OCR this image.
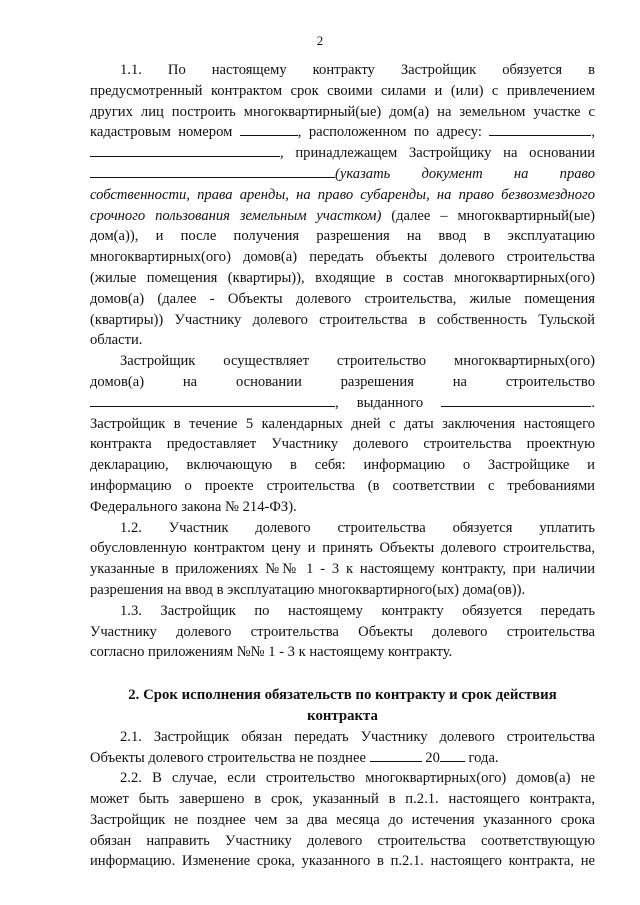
2

1.1. По настоящему контракту Застройщик обязуется в

предусмотренный контрактом срок своими силами и (или) с привлечением

других лиц построить многоквартирный(ые) дом(а) на земельном участке с

кадастровым номером	, расположенном по адресу:	,

, принадлежащем Застройщику на основании

(указать документ на право

собственности, права аренды, на право субаренды, на право безвозмездного

срочного пользования земельным участком) (далее – многоквартирный(ые)

дом(а)), и после получения разрешения на ввод в эксплуатацию

многоквартирных(ого) домов(а) передать объекты долевого строительства

(жилые помещения (квартиры)), входящие в состав многоквартирных(ого)

домов(а) (далее - Объекты долевого строительства, жилые помещения

(квартиры)) Участнику долевого строительства в собственность Тульской

области.

Застройщик осуществляет строительство многоквартирных(ого)

домов(а) на основании разрешения на строительство

, выданного	.

Застройщик в течение 5 календарных дней с даты заключения настоящего

контракта предоставляет Участнику долевого строительства проектную

декларацию, включающую в себя: информацию о Застройщике и

информацию о проекте строительства (в соответствии с требованиями

Федерального закона № 214-ФЗ).

1.2. Участник долевого строительства обязуется уплатить

обусловленную контрактом цену и принять Объекты долевого строительства,

указанные в приложениях №№ 1 - 3 к настоящему контракту, при наличии

разрешения на ввод в эксплуатацию многоквартирного(ых) дома(ов)).

1.3. Застройщик по настоящему контракту обязуется передать

Участнику долевого строительства Объекты долевого строительства

согласно приложениям №№ 1 - 3 к настоящему контракту.

2. Срок исполнения обязательств по контракту и срок действия
контракта

2.1. Застройщик обязан передать Участнику долевого строительства

Объекты долевого строительства не позднее	20 года.

2.2. В случае, если строительство многоквартирных(ого) домов(а) не

может быть завершено в срок, указанный в п.2.1. настоящего контракта,

Застройщик не позднее чем за два месяца до истечения указанного срока

обязан направить Участнику долевого строительства соответствующую

информацию. Изменение срока, указанного в п.2.1. настоящего контракта, не
